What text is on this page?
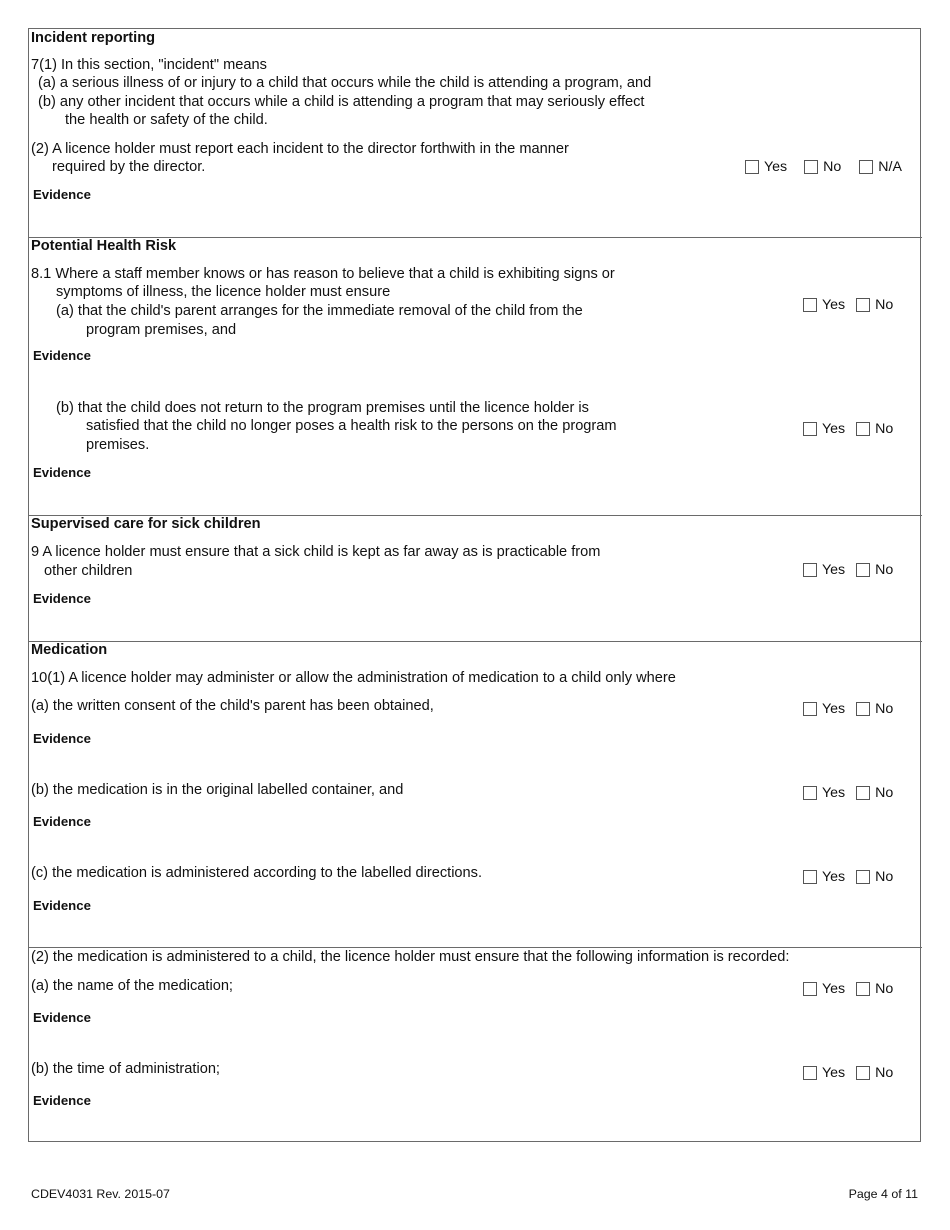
Incident reporting
7(1) In this section, "incident" means
(a) a serious illness of or injury to a child that occurs while the child is attending a program, and
(b) any other incident that occurs while a child is attending a program that may seriously effect
the health or safety of the child.
(2) A licence holder must report each incident to the director forthwith in the manner
required by the director.	Yes	No	N/A
Evidence
Potential Health Risk
8.1 Where a staff member knows or has reason to believe that a child is exhibiting signs or
symptoms of illness, the licence holder must ensure
(a) that the child's parent arranges for the immediate removal of the child from the
program premises, and
Yes No
Evidence
(b) that the child does not return to the program premises until the licence holder is
satisfied that the child no longer poses a health risk to the persons on the program
premises.
Yes No
Evidence
Supervised care for sick children
9 A licence holder must ensure that a sick child is kept as far away as is practicable from
other children	Yes No
Evidence
Medication
10(1) A licence holder may administer or allow the administration of medication to a child only where
(a) the written consent of the child's parent has been obtained,	Yes No
Evidence
(b) the medication is in the original labelled container, and	Yes No
Evidence
(c) the medication is administered according to the labelled directions.	Yes No
Evidence
(2) the medication is administered to a child, the licence holder must ensure that the following information is recorded:
(a) the name of the medication;	Yes No
Evidence
(b) the time of administration;	Yes No
Evidence
CDEV4031 Rev. 2015-07	Page 4 of 11
